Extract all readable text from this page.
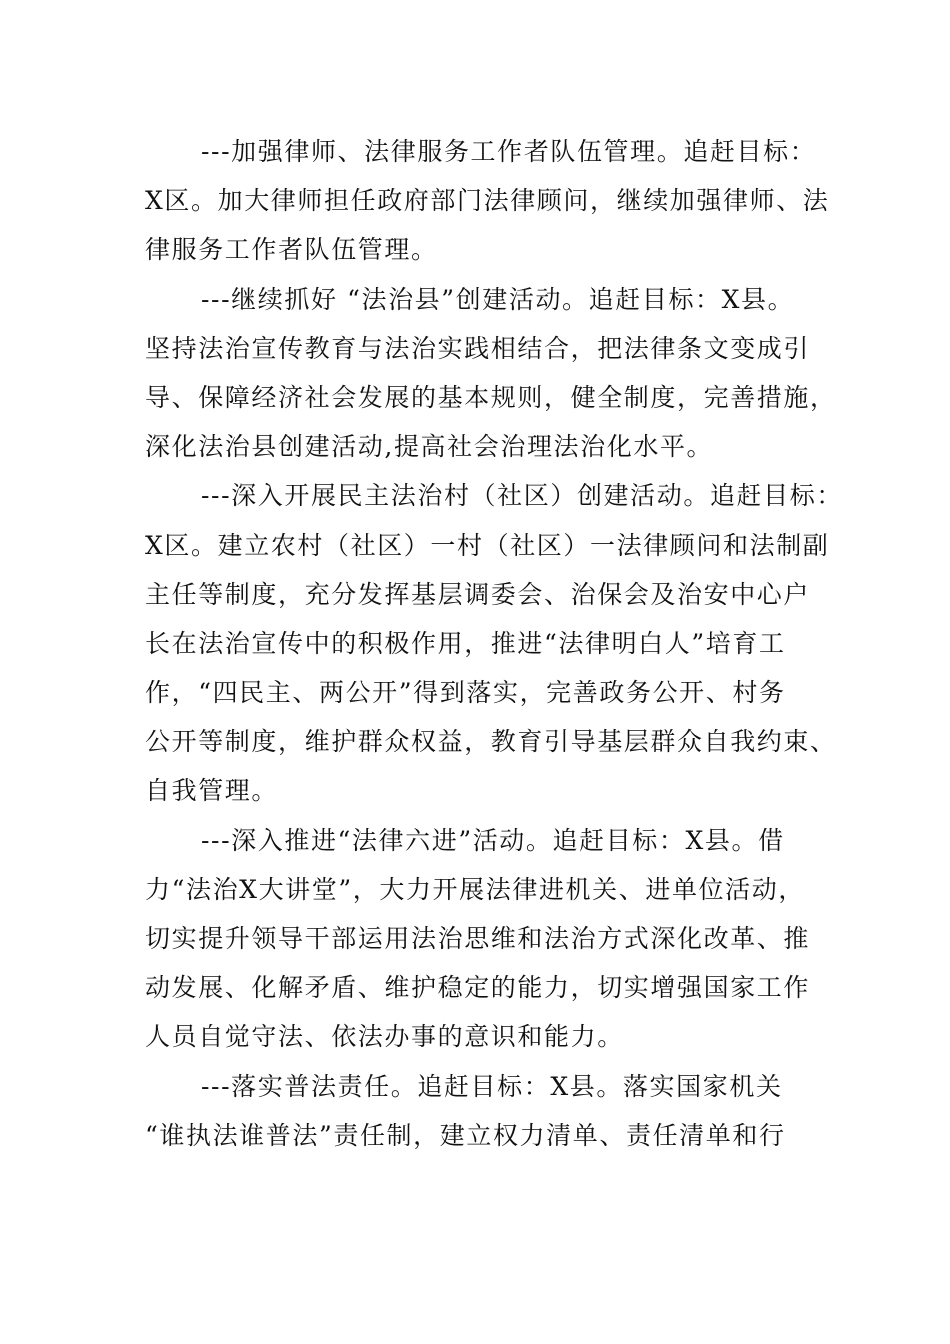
---加强律师、法律服务工作者队伍管理。追赶目标：
X区。加大律师担任政府部门法律顾问，继续加强律师、法
律服务工作者队伍管理。
---继续抓好 “法治县”创建活动。追赶目标：X县。
坚持法治宣传教育与法治实践相结合，把法律条文变成引
导、保障经济社会发展的基本规则，健全制度，完善措施，
深化法治县创建活动,提高社会治理法治化水平。
---深入开展民主法治村（社区）创建活动。追赶目标：
X区。建立农村（社区）一村（社区）一法律顾问和法制副
主任等制度，充分发挥基层调委会、治保会及治安中心户
长在法治宣传中的积极作用，推进“法律明白人”培育工
作，“四民主、两公开”得到落实，完善政务公开、村务
公开等制度，维护群众权益，教育引导基层群众自我约束、
自我管理。
---深入推进“法律六进”活动。追赶目标：X县。借
力“法治X大讲堂”，大力开展法律进机关、进单位活动，
切实提升领导干部运用法治思维和法治方式深化改革、推
动发展、化解矛盾、维护稳定的能力，切实增强国家工作
人员自觉守法、依法办事的意识和能力。
---落实普法责任。追赶目标：X县。落实国家机关
“谁执法谁普法”责任制，建立权力清单、责任清单和行
